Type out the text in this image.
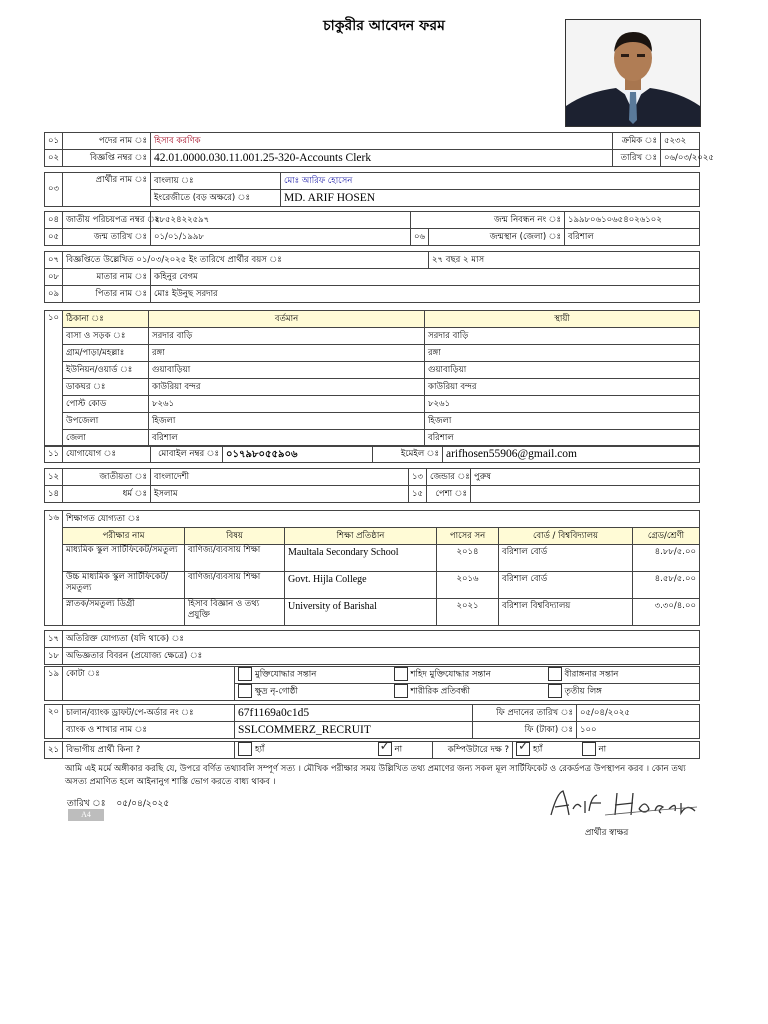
চাকুরীর আবেদন ফরম
০১	পদের নাম ঃ	হিসাব করণিক	ক্রমিক ঃ	৫২৩২
০২	বিজ্ঞপ্তি নম্বর ঃ	42.01.0000.030.11.001.25-320-Accounts Clerk	তারিখ ঃ	০৬/০৩/২০২৫
০৩	প্রার্থীর নাম ঃ	বাংলায় ঃ	মোঃ আরিফ হোসেন
		ইংরেজীতে (বড় অক্ষরে) ঃ	MD. ARIF HOSEN
০৪	জাতীয় পরিচয়পত্র নম্বর ঃ	২৮৫২৪২২৫৯৭	জন্ম নিবন্ধন নং ঃ		১৯৯৮০৬১০৬৫৪০২৬১০২
০৫	জন্ম তারিখ ঃ	০১/০১/১৯৯৮	০৬	জন্মস্থান (জেলা) ঃ	বরিশাল
০৭	বিজ্ঞপ্তিতে উল্লেখিত ০১/০৩/২০২৫ ইং তারিখে প্রার্থীর বয়স ঃ		২৭ বছর ২ মাস
০৮	মাতার নাম ঃ	কহিনুর বেগম	
০৯	পিতার নাম ঃ	মোঃ ইউনুছ সরদার	
১০	ঠিকানা ঃ	বর্তমান	স্থায়ী
	বাসা ও সড়ক ঃ	সরদার বাড়ি	সরদার বাড়ি
	গ্রাম/পাড়া/মহল্লাঃ	রঙ্গা	রঙ্গা
	ইউনিয়ন/ওয়ার্ড ঃ	গুয়াবাড়িয়া	গুয়াবাড়িয়া
	ডাকঘর ঃ	কাউরিয়া বন্দর	কাউরিয়া বন্দর
	পোস্ট কোড	৮২৬১	৮২৬১
	উপজেলা	হিজলা	হিজলা
	জেলা	বরিশাল	বরিশাল
১১	যোগাযোগ ঃ	মোবাইল নম্বর ঃ	০১৭৯৮০৫৫৯০৬	ইমেইল ঃ	arifhosen55906@gmail.com
১২	জাতীয়তা ঃ	বাংলাদেশী	১৩	জেন্ডার ঃ	পুরুষ
১৪	ধর্ম ঃ	ইসলাম	১৫	পেশা ঃ	
১৬	শিক্ষাগত যোগ্যতা ঃ					
	পরীক্ষার নাম	বিষয়	শিক্ষা প্রতিষ্ঠান	পাসের সন	বোর্ড / বিশ্ববিদ্যালয়	গ্রেড/শ্রেণী
	মাধ্যমিক স্কুল সার্টিফিকেট/সমতুল্য	বাণিজ্য/ব্যবসায় শিক্ষা	Maultala Secondary School	২০১৪	বরিশাল বোর্ড	৪.৮৮/৫.০০
	উচ্চ মাধ্যমিক স্কুল সার্টিফিকেট/সমতুল্য	বাণিজ্য/ব্যবসায় শিক্ষা	Govt. Hijla College	২০১৬	বরিশাল বোর্ড	৪.৫৮/৫.০০
	স্নাতক/সমতুল্য ডিগ্রী	হিসাব বিজ্ঞান ও তথ্য প্রযুক্তি	University of Barishal	২০২১	বরিশাল বিশ্ববিদ্যালয়	৩.৩০/৪.০০
১৭	অতিরিক্ত যোগ্যতা (যদি থাকে) ঃ
১৮	অভিজ্ঞতার বিবরন (প্রযোজ্য ক্ষেত্রে) ঃ
১৯	কোটা ঃ	মুক্তিযোদ্ধার সন্তান	শহিদ মুক্তিযোদ্ধার সন্তান	বীরাঙ্গনার সন্তান
		ক্ষুদ্র নৃ-গোষ্ঠী	শারীরিক প্রতিবন্ধী	তৃতীয় লিঙ্গ
২০	চালান/ব্যাংক ড্রাফট/পে-অর্ডার নং ঃ	67f1169a0c1d5	ফি প্রদানের তারিখ ঃ	০৫/০৪/২০২৫
	ব্যাংক ও শাখার নাম ঃ	SSLCOMMERZ_RECRUIT	ফি (টাকা) ঃ	১০০
২১	বিভাগীয় প্রার্থী কিনা ?	হ্যাঁ	✓ না	কম্পিউটারে দক্ষ ?	✓ হ্যাঁ	না
আমি এই মর্মে অঙ্গীকার করছি যে, উপরে বর্ণিত তথ্যাবলি সম্পূর্ণ সত্য । মৌখিক পরীক্ষার সময় উল্লিখিত তথ্য প্রমাণের জন্য সকল মূল সার্টিফিকেট ও রেকর্ডপত্র উপস্থাপন করব । কোন তথ্য অসত্য প্রমাণিত হলে আইনানুগ শাস্তি ভোগ করতে বাধ্য থাকব ।
তারিখ ঃ ০৫/০৪/২০২৫
A4
প্রার্থীর স্বাক্ষর
